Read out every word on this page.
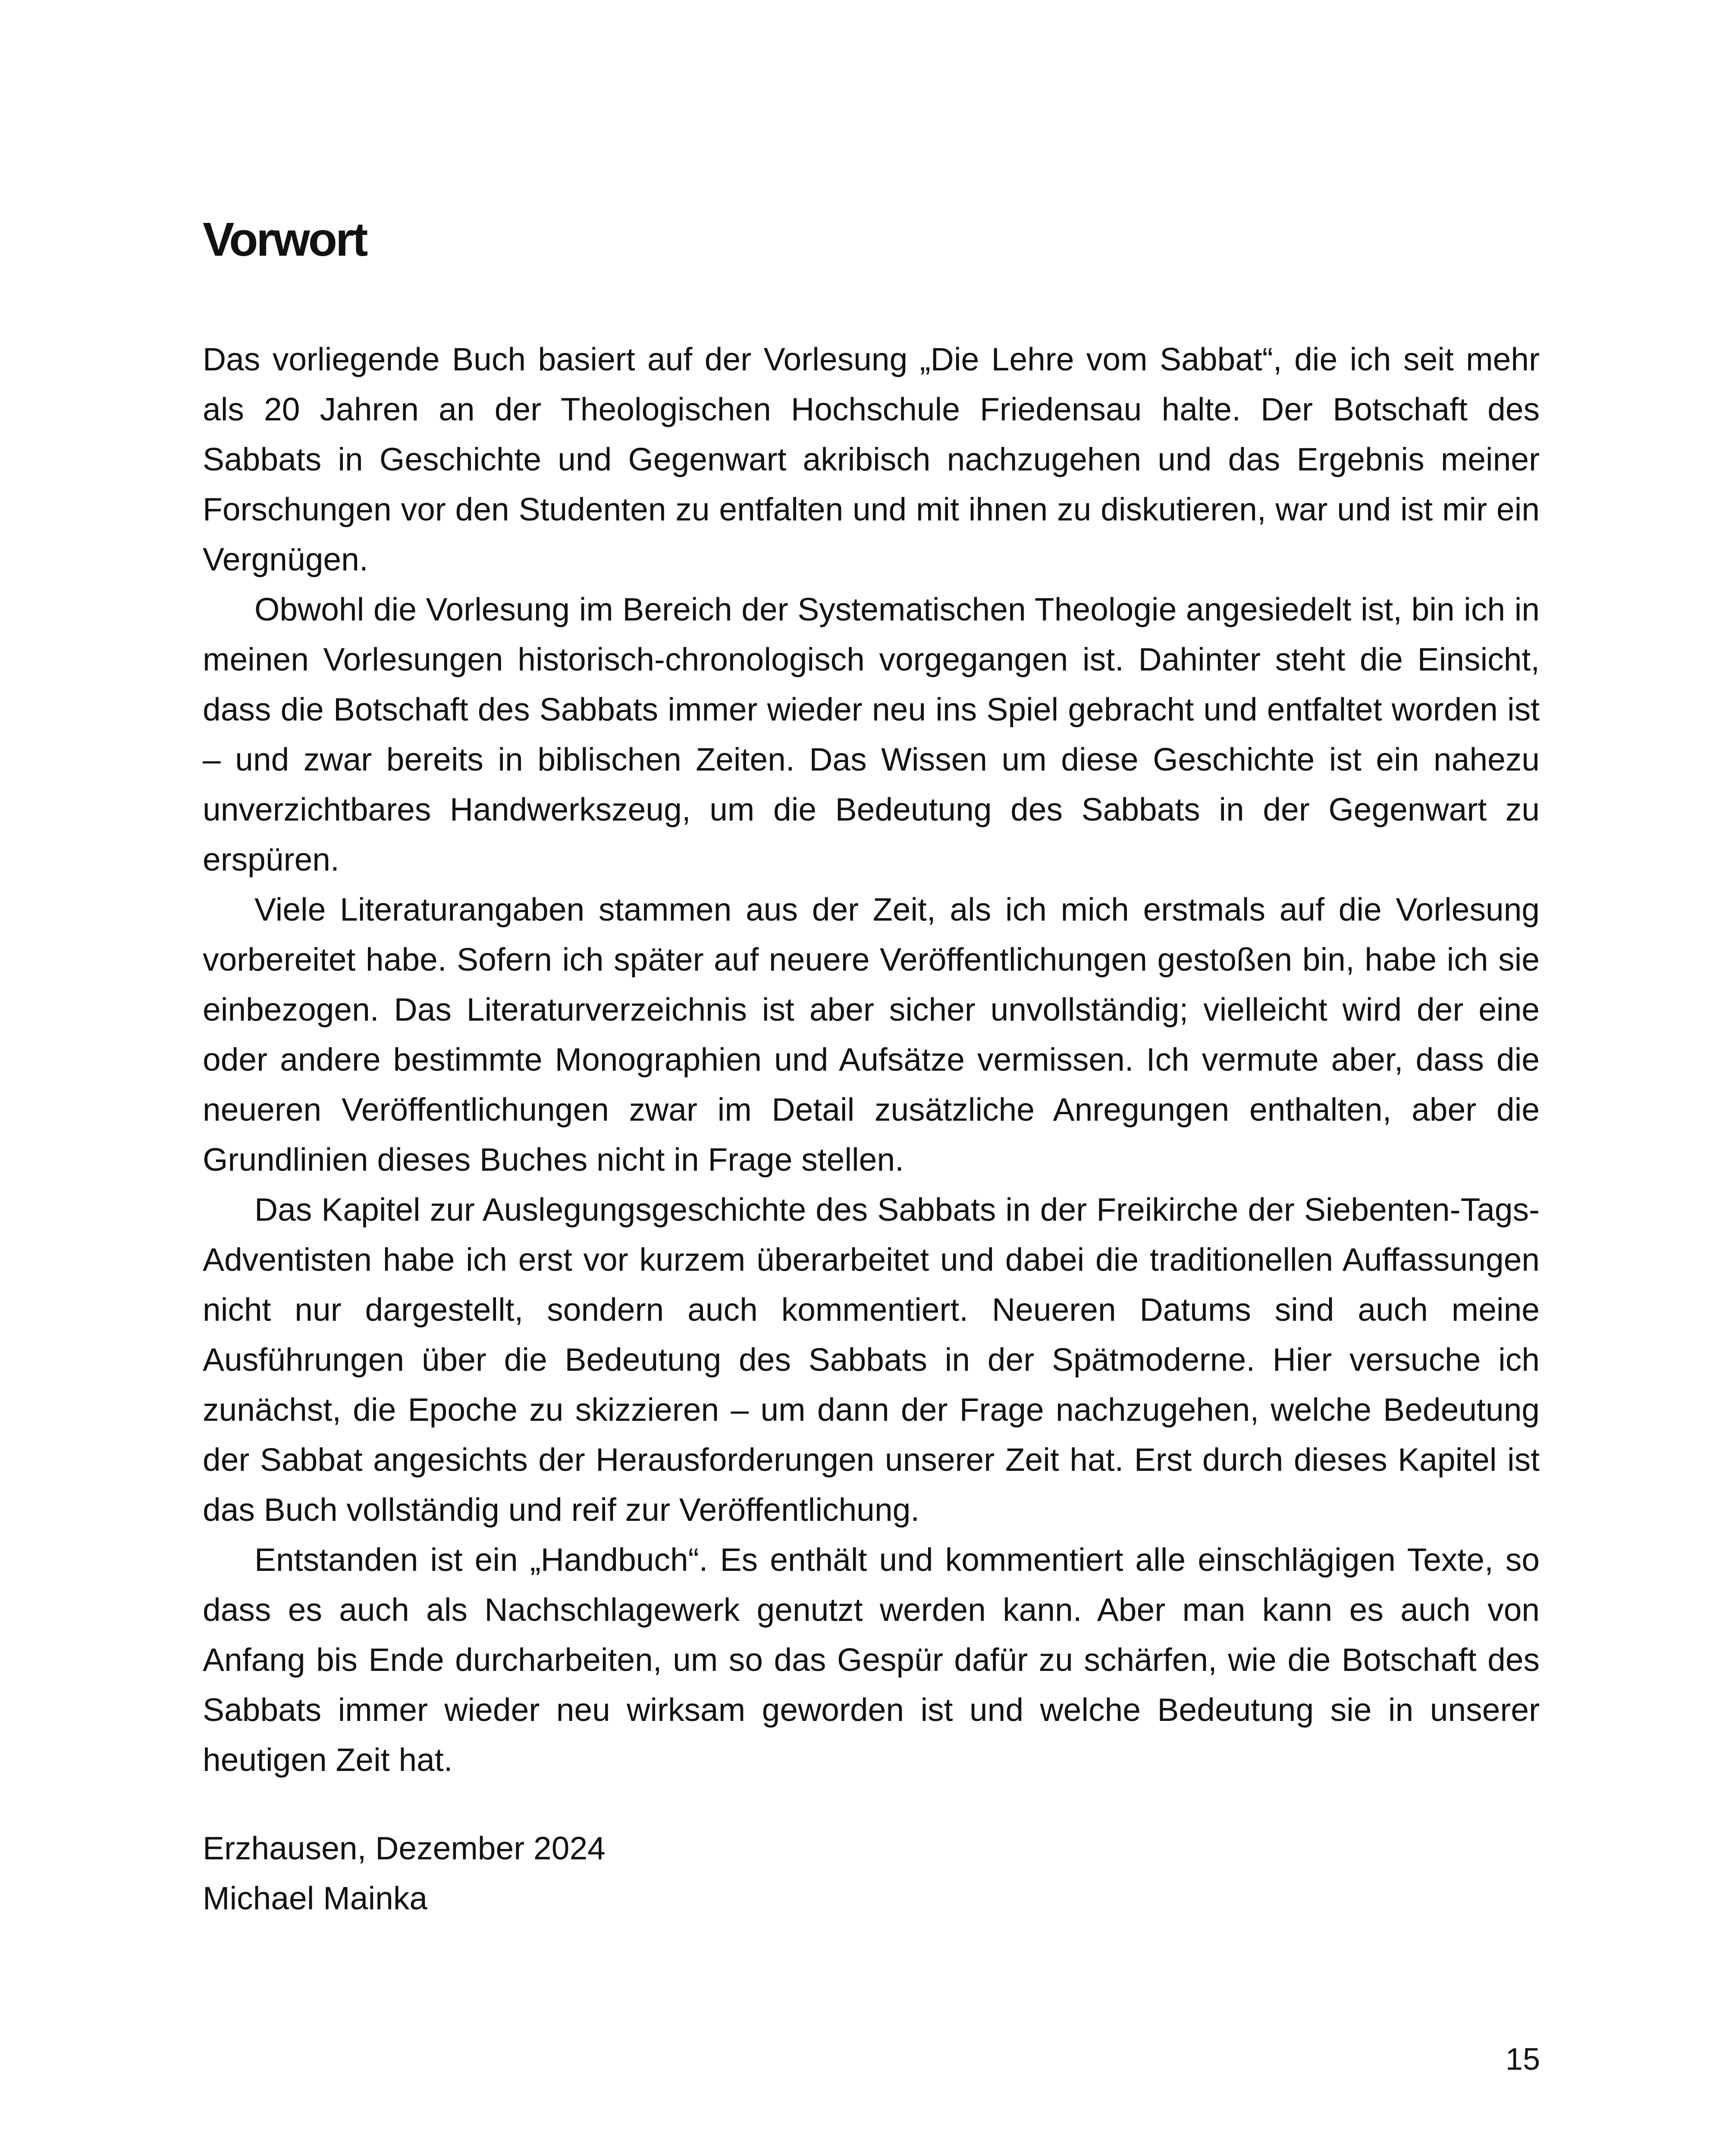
Vorwort

Das vorliegende Buch basiert auf der Vorlesung „Die Lehre vom Sabbat“, die ich seit mehr als 20 Jahren an der Theologischen Hochschule Friedensau halte. Der Botschaft des Sabbats in Geschichte und Gegenwart akribisch nachzugehen und das Ergebnis meiner Forschungen vor den Studenten zu entfalten und mit ihnen zu diskutieren, war und ist mir ein Vergnügen.

Obwohl die Vorlesung im Bereich der Systematischen Theologie angesiedelt ist, bin ich in meinen Vorlesungen historisch-chronologisch vorgegangen ist. Dahinter steht die Einsicht, dass die Botschaft des Sabbats immer wieder neu ins Spiel gebracht und entfaltet worden ist – und zwar bereits in biblischen Zeiten. Das Wissen um diese Geschichte ist ein nahezu unverzichtbares Handwerkszeug, um die Bedeutung des Sabbats in der Gegenwart zu erspüren.

Viele Literaturangaben stammen aus der Zeit, als ich mich erstmals auf die Vorlesung vorbereitet habe. Sofern ich später auf neuere Veröffentlichungen gestoßen bin, habe ich sie einbezogen. Das Literaturverzeichnis ist aber sicher unvollständig; vielleicht wird der eine oder andere bestimmte Monographien und Aufsätze vermissen. Ich vermute aber, dass die neueren Veröffentlichungen zwar im Detail zusätzliche Anregungen enthalten, aber die Grundlinien dieses Buches nicht in Frage stellen.

Das Kapitel zur Auslegungsgeschichte des Sabbats in der Freikirche der Siebenten-Tags-Adventisten habe ich erst vor kurzem überarbeitet und dabei die traditionellen Auffassungen nicht nur dargestellt, sondern auch kommentiert. Neueren Datums sind auch meine Ausführungen über die Bedeutung des Sabbats in der Spätmoderne. Hier versuche ich zunächst, die Epoche zu skizzieren – um dann der Frage nachzugehen, welche Bedeutung der Sabbat angesichts der Herausforderungen unserer Zeit hat. Erst durch dieses Kapitel ist das Buch vollständig und reif zur Veröffentlichung.

Entstanden ist ein „Handbuch“. Es enthält und kommentiert alle einschlägigen Texte, so dass es auch als Nachschlagewerk genutzt werden kann. Aber man kann es auch von Anfang bis Ende durcharbeiten, um so das Gespür dafür zu schärfen, wie die Botschaft des Sabbats immer wieder neu wirksam geworden ist und welche Bedeutung sie in unserer heutigen Zeit hat.

Erzhausen, Dezember 2024
Michael Mainka
15
